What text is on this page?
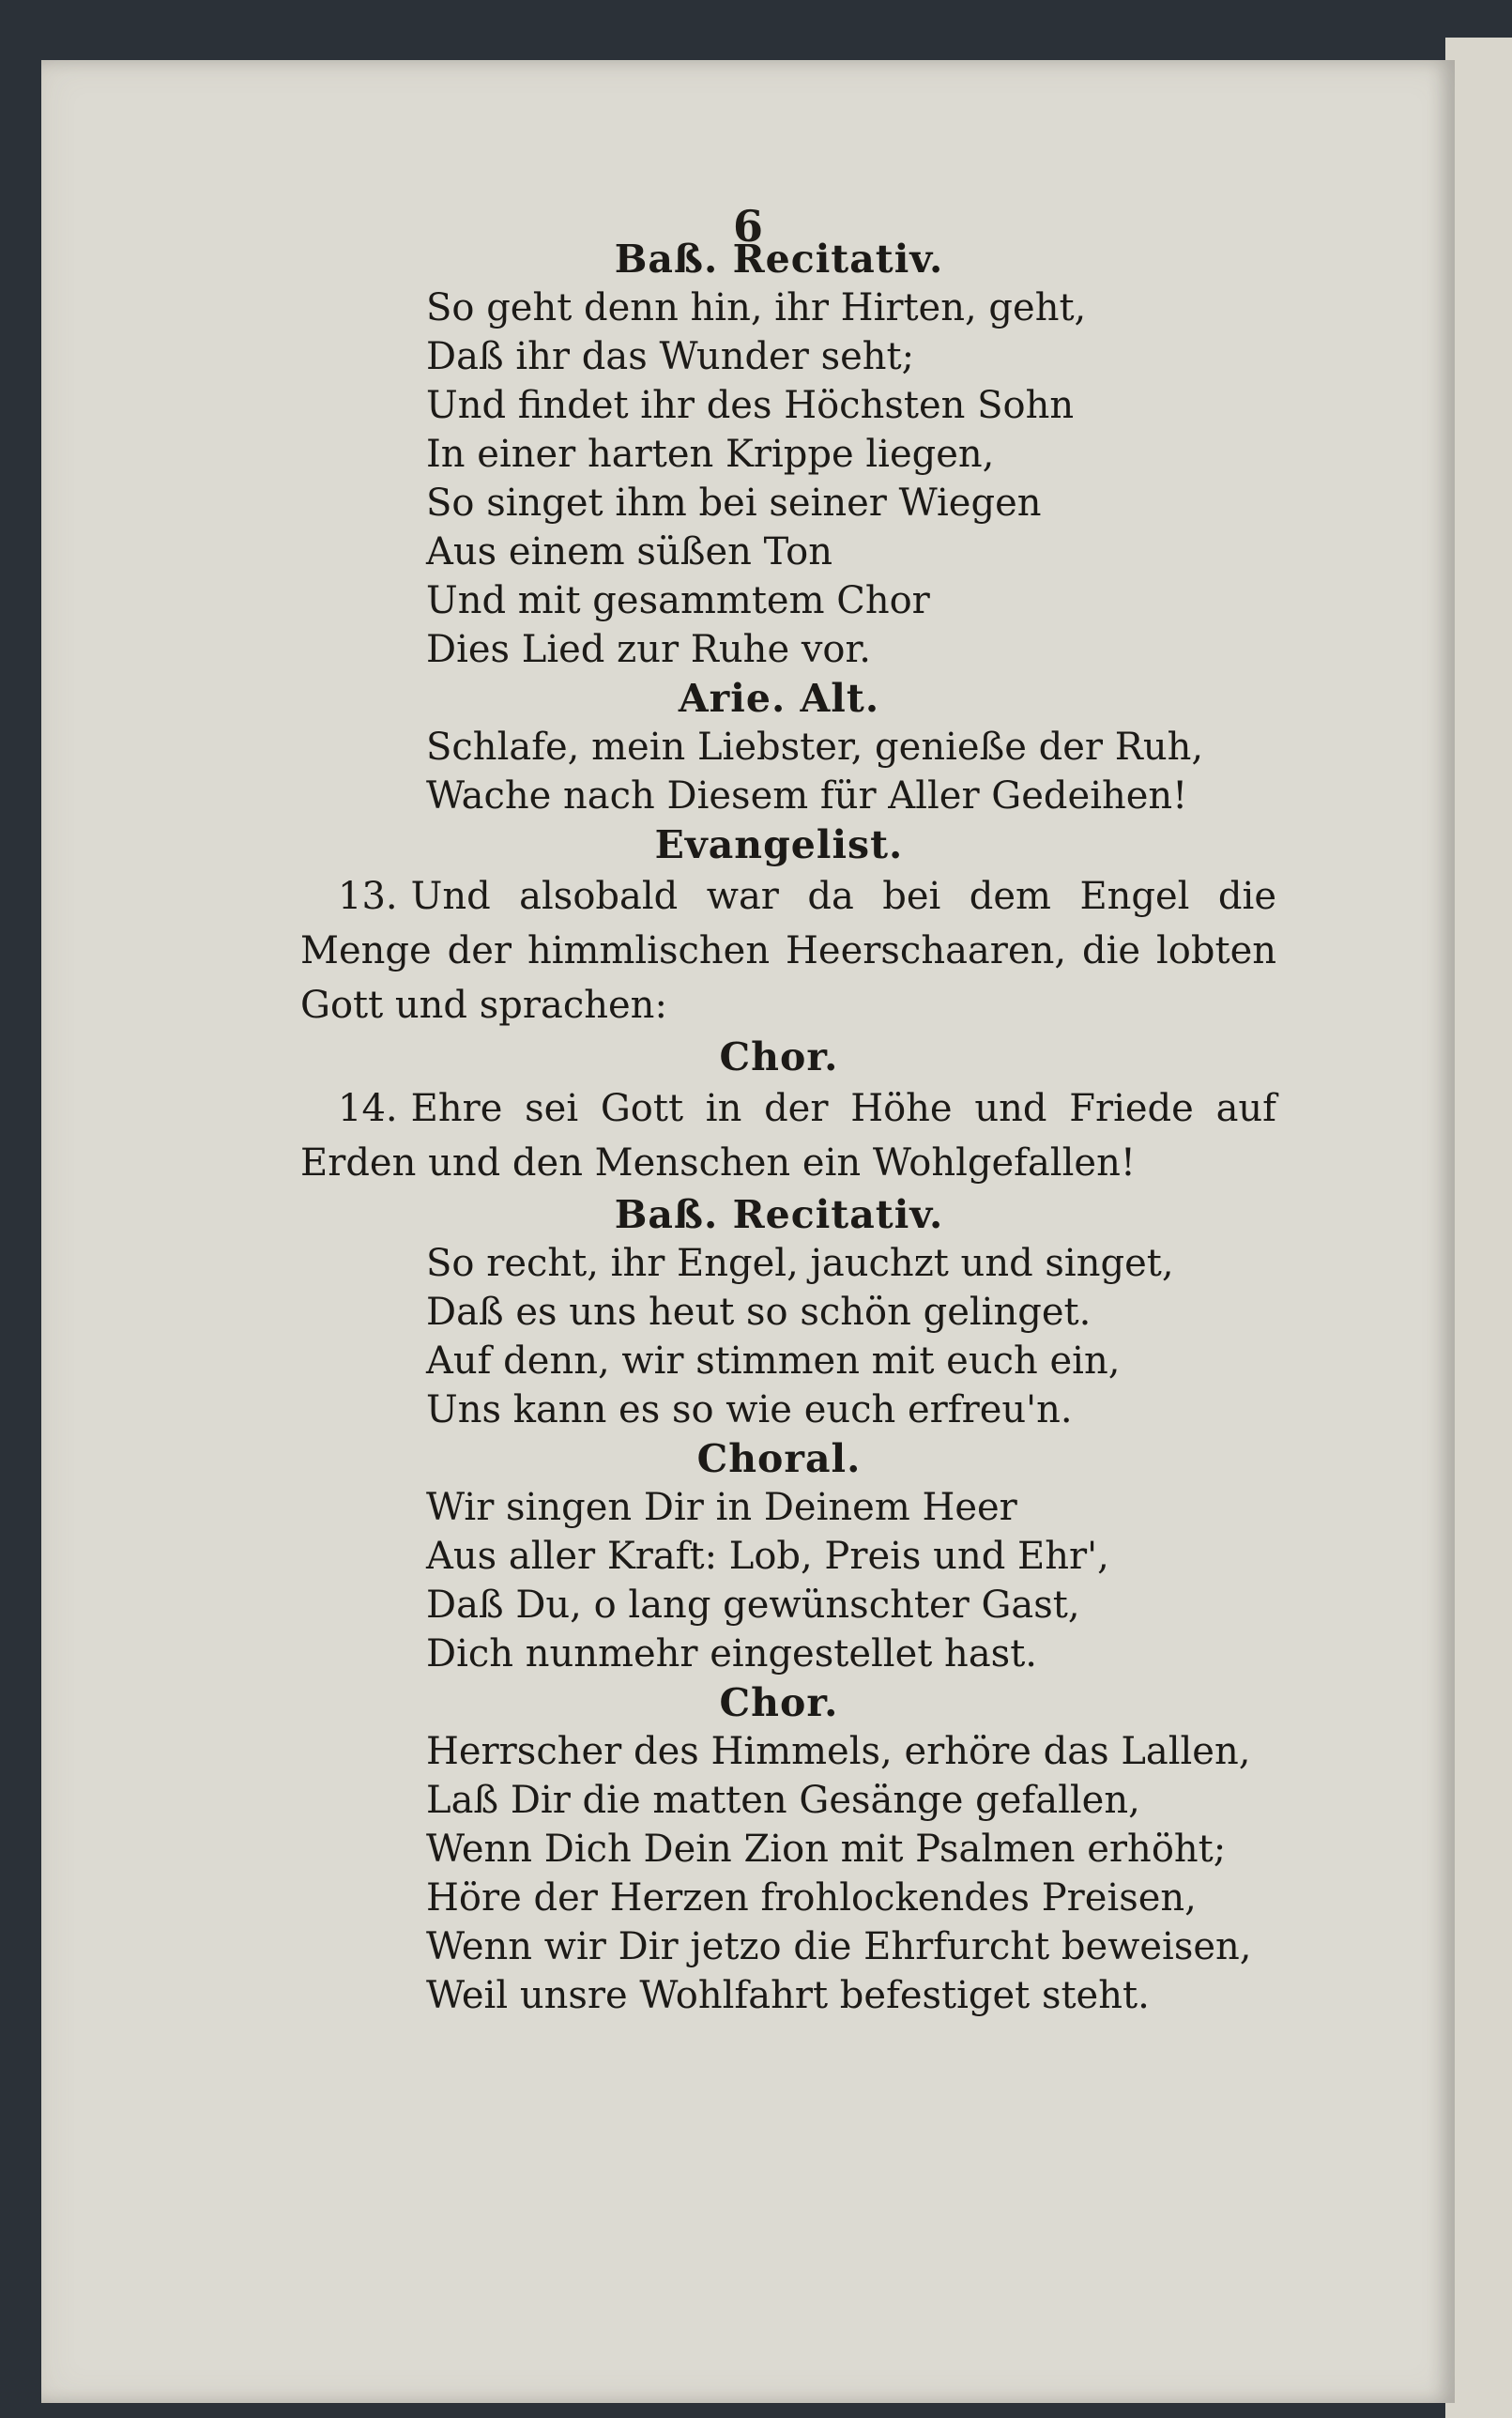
6
Baß. Recitativ.
So geht denn hin, ihr Hirten, geht,
Daß ihr das Wunder seht;
Und findet ihr des Höchsten Sohn
In einer harten Krippe liegen,
So singet ihm bei seiner Wiegen
Aus einem süßen Ton
Und mit gesammtem Chor
Dies Lied zur Ruhe vor.
Arie. Alt.
Schlafe, mein Liebster, genieße der Ruh,
Wache nach Diesem für Aller Gedeihen!
Evangelist.
13. Und alsobald war da bei dem Engel die Menge der himmlischen Heerschaaren, die lobten Gott und sprachen:
Chor.
14. Ehre sei Gott in der Höhe und Friede auf Erden und den Menschen ein Wohlgefallen!
Baß. Recitativ.
So recht, ihr Engel, jauchzt und singet,
Daß es uns heut so schön gelinget.
Auf denn, wir stimmen mit euch ein,
Uns kann es so wie euch erfreu'n.
Choral.
Wir singen Dir in Deinem Heer
Aus aller Kraft: Lob, Preis und Ehr',
Daß Du, o lang gewünschter Gast,
Dich nunmehr eingestellet hast.
Chor.
Herrscher des Himmels, erhöre das Lallen,
Laß Dir die matten Gesänge gefallen,
Wenn Dich Dein Zion mit Psalmen erhöht;
Höre der Herzen frohlockendes Preisen,
Wenn wir Dir jetzo die Ehrfurcht beweisen,
Weil unsre Wohlfahrt befestiget steht.
